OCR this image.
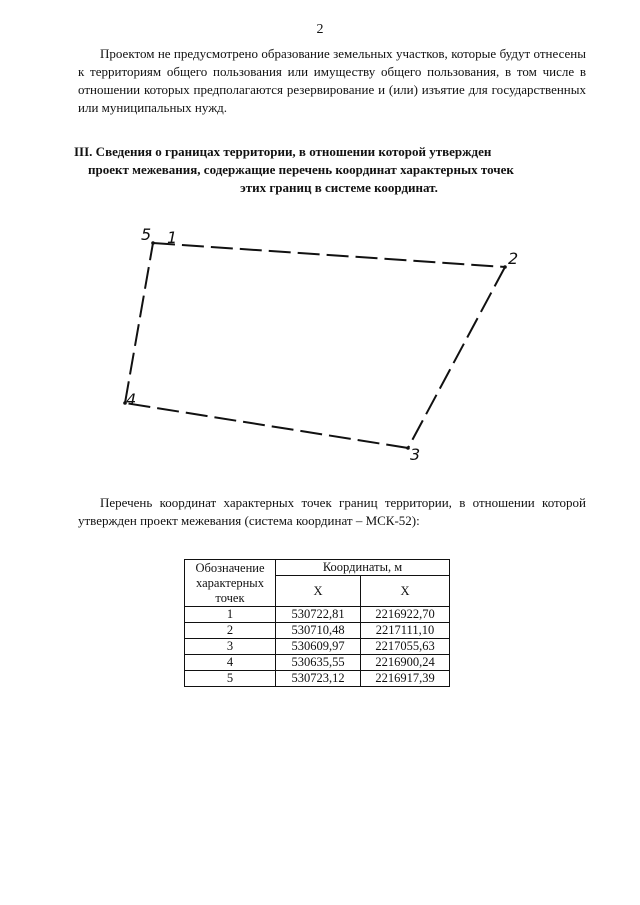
2
Проектом не предусмотрено образование земельных участков, которые будут отнесены к территориям общего пользования или имуществу общего пользования, в том числе в отношении которых предполагаются резервирование и (или) изъятие для государственных или муниципальных нужд.
III. Сведения о границах территории, в отношении которой утвержден
проект межевания, содержащие перечень координат характерных точек
этих границ в системе координат.
5 1
2
3
4
Перечень координат характерных точек границ территории, в отношении которой утвержден проект межевания (система координат – МСК-52):
Обозначение характерных точек	Координаты, м	
	X	X
1	530722,81	2216922,70
2	530710,48	2217111,10
3	530609,97	2217055,63
4	530635,55	2216900,24
5	530723,12	2216917,39
